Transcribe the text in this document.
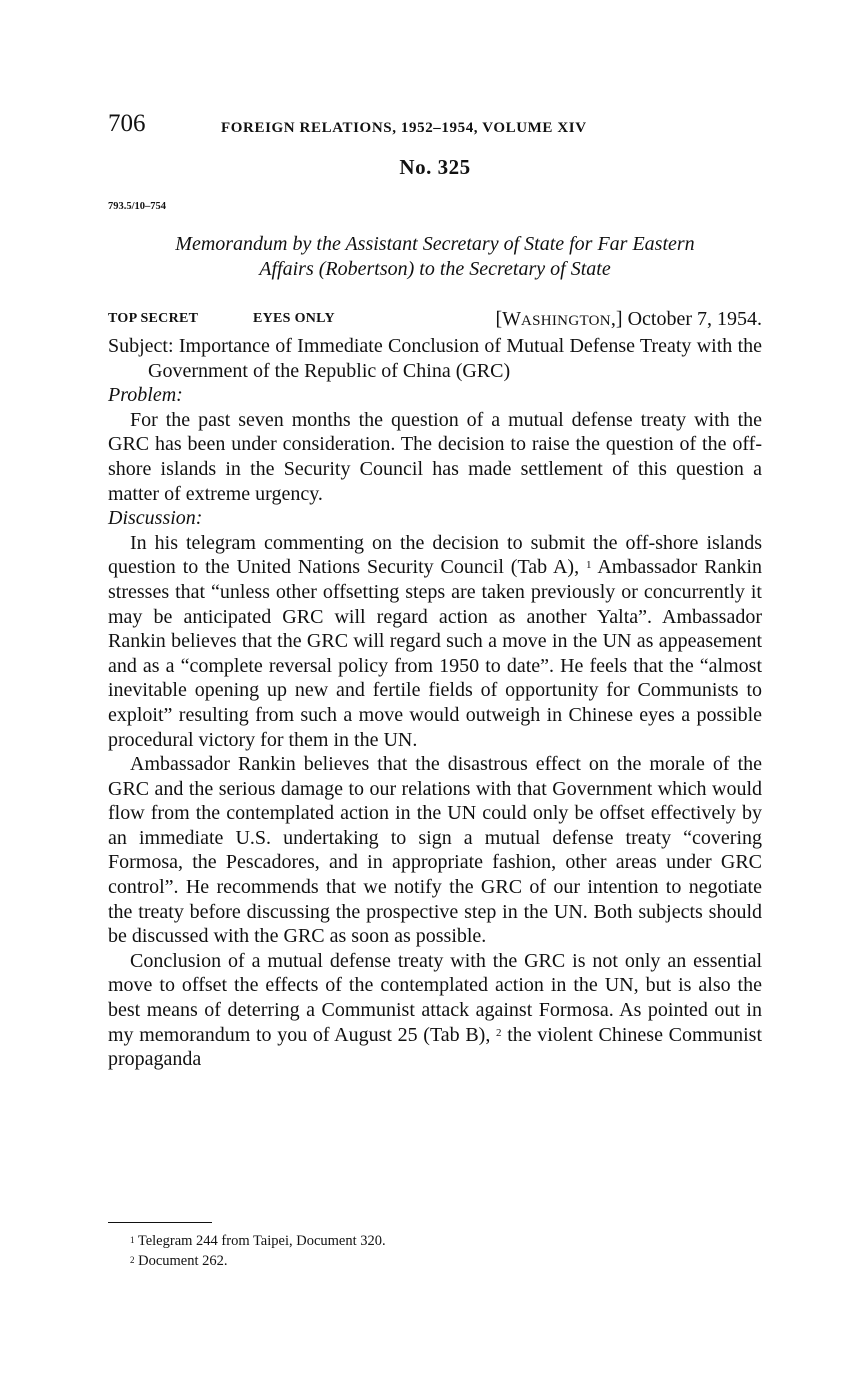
706	FOREIGN RELATIONS, 1952–1954, VOLUME XIV
No. 325
793.5/10–754
Memorandum by the Assistant Secretary of State for Far Eastern
Affairs (Robertson) to the Secretary of State
TOP SECRET	EYES ONLY	[WASHINGTON,] October 7, 1954.

Subject: Importance of Immediate Conclusion of Mutual Defense Treaty with the Government of the Republic of China (GRC)

Problem:

For the past seven months the question of a mutual defense treaty with the GRC has been under consideration. The decision to raise the question of the off-shore islands in the Security Council has made settlement of this question a matter of extreme urgency.

Discussion:

In his telegram commenting on the decision to submit the off-shore islands question to the United Nations Security Council (Tab A), $^1$ Ambassador Rankin stresses that “unless other offsetting steps are taken previously or concurrently it may be anticipated GRC will regard action as another Yalta”. Ambassador Rankin believes that the GRC will regard such a move in the UN as appeasement and as a “complete reversal policy from 1950 to date”. He feels that the “almost inevitable opening up new and fertile fields of opportunity for Communists to exploit” resulting from such a move would outweigh in Chinese eyes a possible procedural victory for them in the UN.

Ambassador Rankin believes that the disastrous effect on the morale of the GRC and the serious damage to our relations with that Government which would flow from the contemplated action in the UN could only be offset effectively by an immediate U.S. undertaking to sign a mutual defense treaty “covering Formosa, the Pescadores, and in appropriate fashion, other areas under GRC control”. He recommends that we notify the GRC of our intention to negotiate the treaty before discussing the prospective step in the UN. Both subjects should be discussed with the GRC as soon as possible.

Conclusion of a mutual defense treaty with the GRC is not only an essential move to offset the effects of the contemplated action in the UN, but is also the best means of deterring a Communist attack against Formosa. As pointed out in my memorandum to you of August 25 (Tab B), $^2$ the violent Chinese Communist propaganda

$^1$ Telegram 244 from Taipei, Document 320.

$^2$ Document 262.
